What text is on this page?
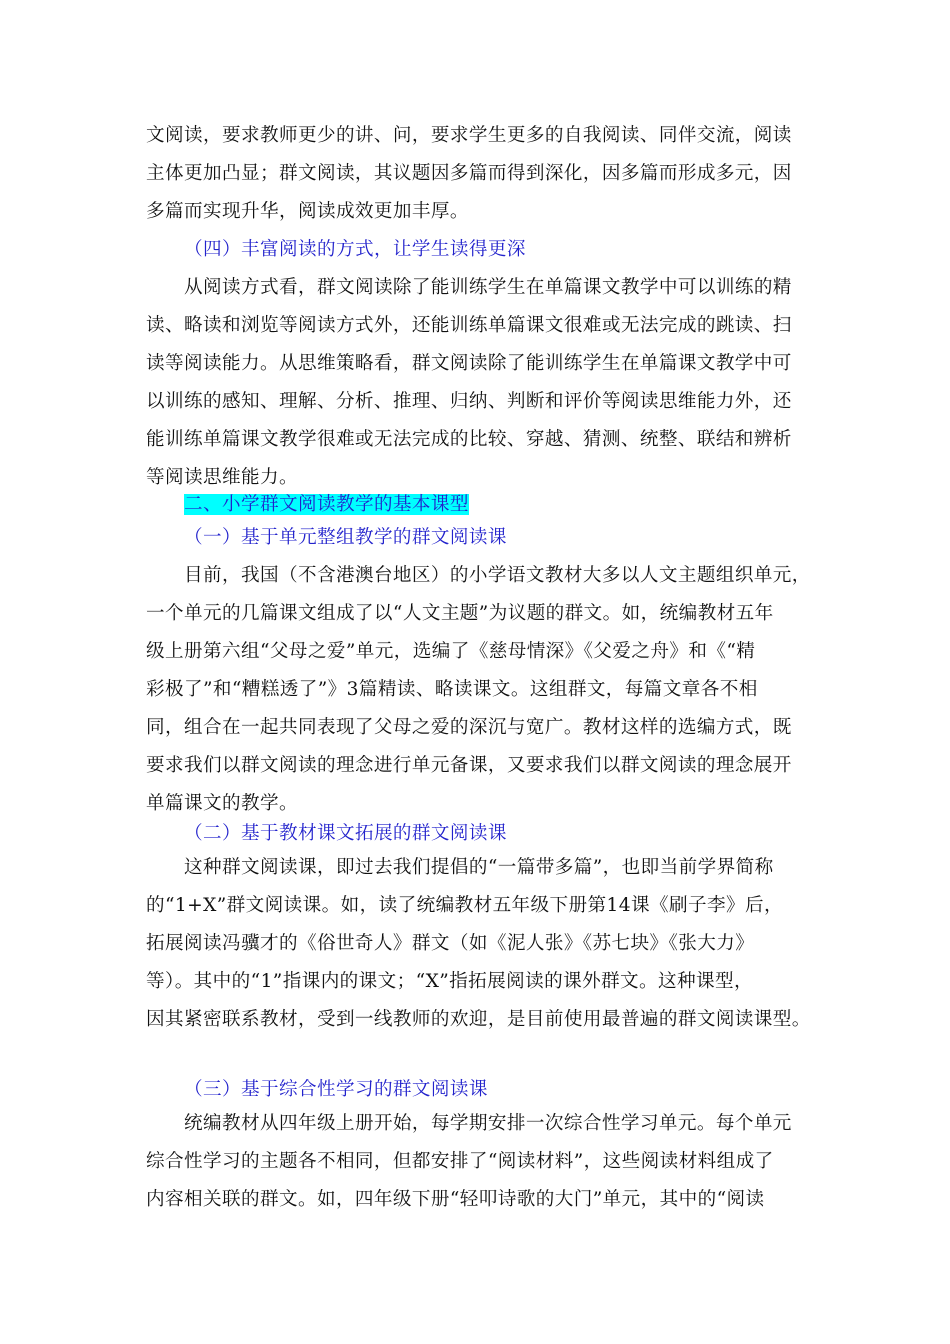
文阅读，要求教师更少的讲、问，要求学生更多的自我阅读、同伴交流，阅读
主体更加凸显；群文阅读，其议题因多篇而得到深化，因多篇而形成多元，因
多篇而实现升华，阅读成效更加丰厚。
（四）丰富阅读的方式，让学生读得更深
从阅读方式看，群文阅读除了能训练学生在单篇课文教学中可以训练的精
读、略读和浏览等阅读方式外，还能训练单篇课文很难或无法完成的跳读、扫
读等阅读能力。从思维策略看，群文阅读除了能训练学生在单篇课文教学中可
以训练的感知、理解、分析、推理、归纳、判断和评价等阅读思维能力外，还
能训练单篇课文教学很难或无法完成的比较、穿越、猜测、统整、联结和辨析
等阅读思维能力。
二、小学群文阅读教学的基本课型
（一）基于单元整组教学的群文阅读课
目前，我国（不含港澳台地区）的小学语文教材大多以人文主题组织单元，
一个单元的几篇课文组成了以“人文主题”为议题的群文。如，统编教材五年
级上册第六组“父母之爱”单元，选编了《慈母情深》《父爱之舟》和《“精
彩极了”和“糟糕透了”》3篇精读、略读课文。这组群文，每篇文章各不相
同，组合在一起共同表现了父母之爱的深沉与宽广。教材这样的选编方式，既
要求我们以群文阅读的理念进行单元备课，又要求我们以群文阅读的理念展开
单篇课文的教学。
（二）基于教材课文拓展的群文阅读课
这种群文阅读课，即过去我们提倡的“一篇带多篇”，也即当前学界简称
的“1+X”群文阅读课。如，读了统编教材五年级下册第14课《刷子李》后，
拓展阅读冯骥才的《俗世奇人》群文（如《泥人张》《苏七块》《张大力》
等）。其中的“1”指课内的课文；“X”指拓展阅读的课外群文。这种课型，
因其紧密联系教材，受到一线教师的欢迎，是目前使用最普遍的群文阅读课型。
（三）基于综合性学习的群文阅读课
统编教材从四年级上册开始，每学期安排一次综合性学习单元。每个单元
综合性学习的主题各不相同，但都安排了“阅读材料”，这些阅读材料组成了
内容相关联的群文。如，四年级下册“轻叩诗歌的大门”单元，其中的“阅读
